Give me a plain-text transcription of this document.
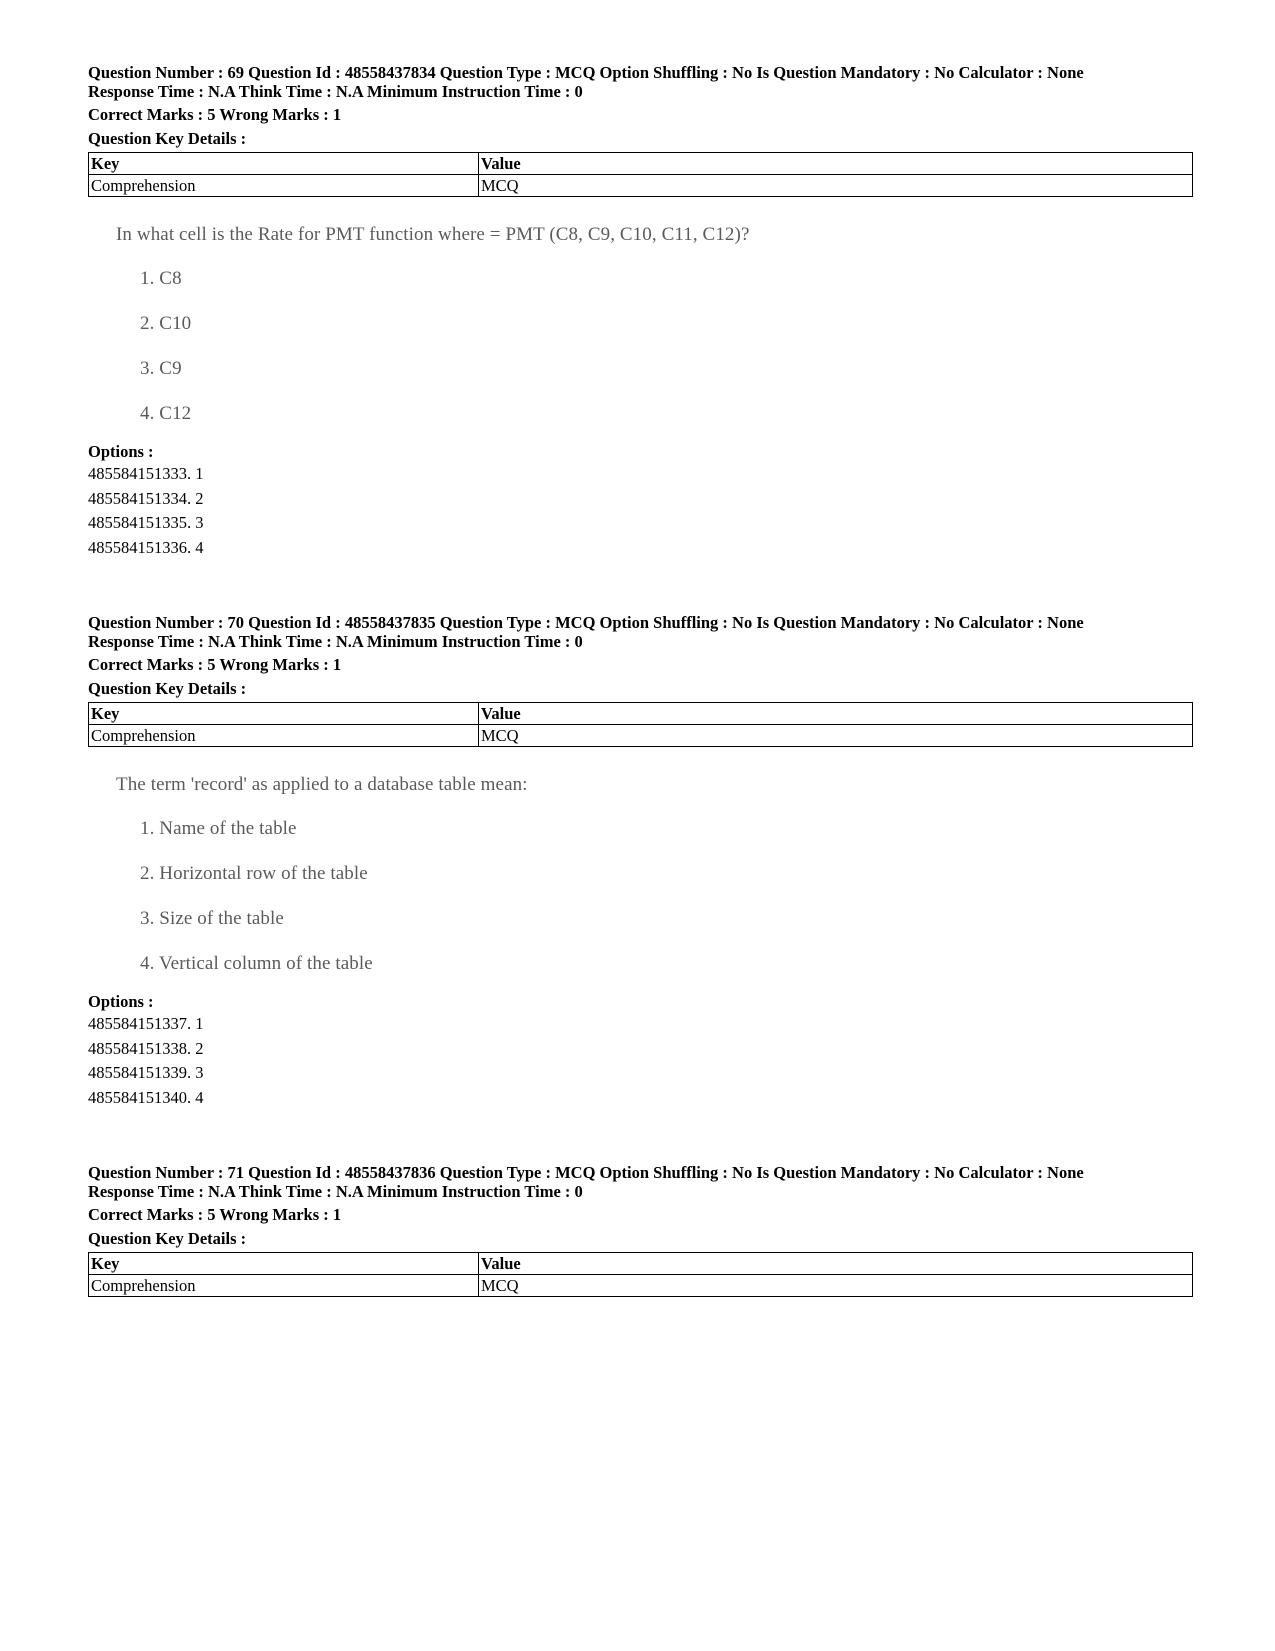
Question Number : 69 Question Id : 48558437834 Question Type : MCQ Option Shuffling : No Is Question Mandatory : No Calculator : None
Response Time : N.A Think Time : N.A Minimum Instruction Time : 0
Correct Marks : 5 Wrong Marks : 1
Question Key Details :
Key	Value
Comprehension	MCQ
In what cell is the Rate for PMT function where = PMT (C8, C9, C10, C11, C12)?
1. C8
2. C10
3. C9
4. C12
Options :
485584151333. 1
485584151334. 2
485584151335. 3
485584151336. 4
Question Number : 70 Question Id : 48558437835 Question Type : MCQ Option Shuffling : No Is Question Mandatory : No Calculator : None
Response Time : N.A Think Time : N.A Minimum Instruction Time : 0
Correct Marks : 5 Wrong Marks : 1
Question Key Details :
Key	Value
Comprehension	MCQ
The term 'record' as applied to a database table mean:
1. Name of the table
2. Horizontal row of the table
3. Size of the table
4. Vertical column of the table
Options :
485584151337. 1
485584151338. 2
485584151339. 3
485584151340. 4
Question Number : 71 Question Id : 48558437836 Question Type : MCQ Option Shuffling : No Is Question Mandatory : No Calculator : None
Response Time : N.A Think Time : N.A Minimum Instruction Time : 0
Correct Marks : 5 Wrong Marks : 1
Question Key Details :
Key	Value
Comprehension	MCQ
